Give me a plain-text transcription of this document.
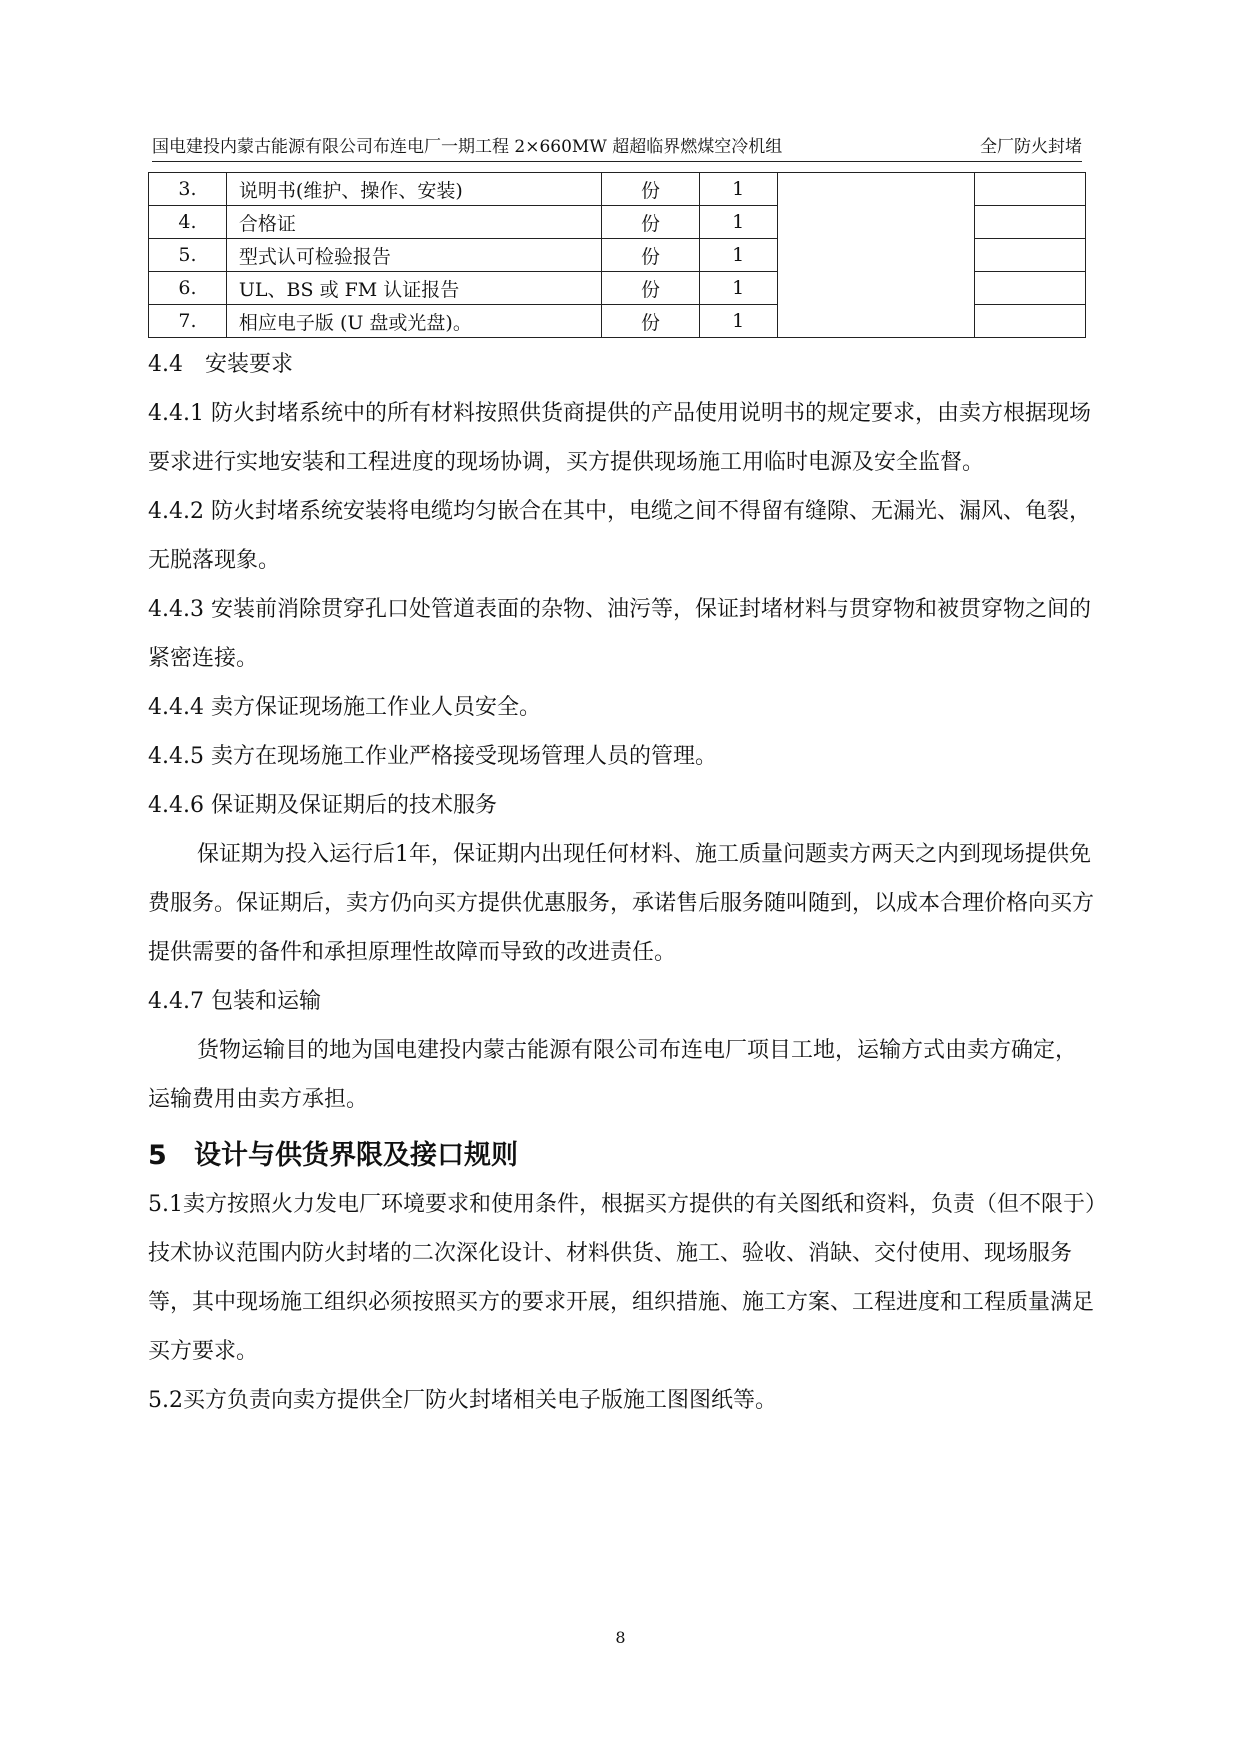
国电建投内蒙古能源有限公司布连电厂一期工程 2×660MW 超超临界燃煤空冷机组	全厂防火封堵
3.	说明书(维护、操作、安装)	份	1		
4.	合格证	份	1		
5.	型式认可检验报告	份	1		
6.	UL、BS 或 FM 认证报告	份	1		
7.	相应电子版 (U 盘或光盘)。	份	1		

4.4　安装要求

4.4.1 防火封堵系统中的所有材料按照供货商提供的产品使用说明书的规定要求，由卖方根据现场要求进行实地安装和工程进度的现场协调，买方提供现场施工用临时电源及安全监督。

4.4.2 防火封堵系统安装将电缆均匀嵌合在其中，电缆之间不得留有缝隙、无漏光、漏风、龟裂，无脱落现象。

4.4.3 安装前消除贯穿孔口处管道表面的杂物、油污等，保证封堵材料与贯穿物和被贯穿物之间的紧密连接。

4.4.4 卖方保证现场施工作业人员安全。

4.4.5 卖方在现场施工作业严格接受现场管理人员的管理。

4.4.6 保证期及保证期后的技术服务

保证期为投入运行后1年，保证期内出现任何材料、施工质量问题卖方两天之内到现场提供免费服务。保证期后，卖方仍向买方提供优惠服务，承诺售后服务随叫随到，以成本合理价格向买方提供需要的备件和承担原理性故障而导致的改进责任。

4.4.7 包装和运输

货物运输目的地为国电建投内蒙古能源有限公司布连电厂项目工地，运输方式由卖方确定，运输费用由卖方承担。

5 设计与供货界限及接口规则

5.1卖方按照火力发电厂环境要求和使用条件，根据买方提供的有关图纸和资料，负责（但不限于）技术协议范围内防火封堵的二次深化设计、材料供货、施工、验收、消缺、交付使用、现场服务等，其中现场施工组织必须按照买方的要求开展，组织措施、施工方案、工程进度和工程质量满足买方要求。

5.2买方负责向卖方提供全厂防火封堵相关电子版施工图图纸等。

8
